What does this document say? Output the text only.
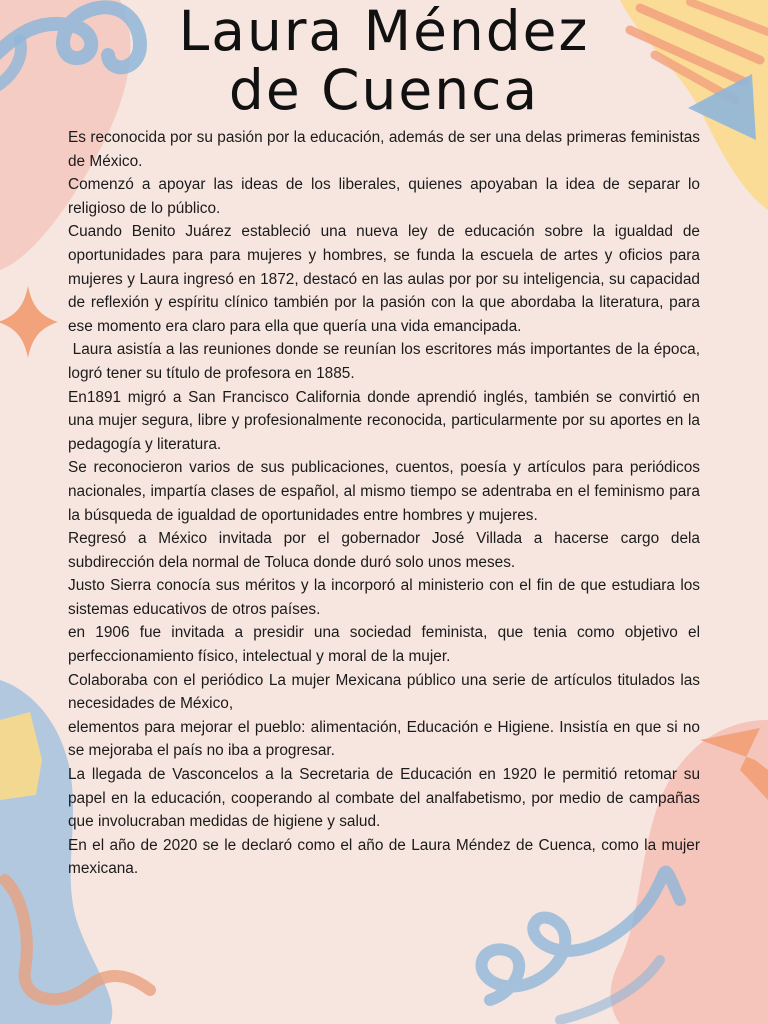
Laura Méndez
de Cuenca

Es reconocida por su pasión por la educación, además de ser una delas primeras feministas de México.

Comenzó a apoyar las ideas de los liberales, quienes apoyaban la idea de separar lo religioso de lo público.

Cuando Benito Juárez estableció una nueva ley de educación sobre la igualdad de oportunidades para para mujeres y hombres, se funda la escuela de artes y oficios para mujeres y Laura ingresó en 1872, destacó en las aulas por por su inteligencia, su capacidad de reflexión y espíritu clínico también por la pasión con la que abordaba la literatura, para ese momento era claro para ella que quería una vida emancipada.

Laura asistía a las reuniones donde se reunían los escritores más importantes de la época, logró tener su título de profesora en 1885.

En1891 migró a San Francisco California donde aprendió inglés, también se convirtió en una mujer segura, libre y profesionalmente reconocida, particularmente por su aportes en la pedagogía y literatura.

Se reconocieron varios de sus publicaciones, cuentos, poesía y artículos para periódicos nacionales, impartía clases de español, al mismo tiempo se adentraba en el feminismo para la búsqueda de igualdad de oportunidades entre hombres y mujeres.

Regresó a México invitada por el gobernador José Villada a hacerse cargo dela subdirección dela normal de Toluca donde duró solo unos meses.

Justo Sierra conocía sus méritos y la incorporó al ministerio con el fin de que estudiara los sistemas educativos de otros países.

en 1906 fue invitada a presidir una sociedad feminista, que tenia como objetivo el perfeccionamiento físico, intelectual y moral de la mujer.

Colaboraba con el periódico La mujer Mexicana público una serie de artículos titulados las necesidades de México,

elementos para mejorar el pueblo: alimentación, Educación e Higiene. Insistía en que si no se mejoraba el país no iba a progresar.

La llegada de Vasconcelos a la Secretaria de Educación en 1920 le permitió retomar su papel en la educación, cooperando al combate del analfabetismo, por medio de campañas que involucraban medidas de higiene y salud.

En el año de 2020 se le declaró como el año de Laura Méndez de Cuenca, como la mujer mexicana.
